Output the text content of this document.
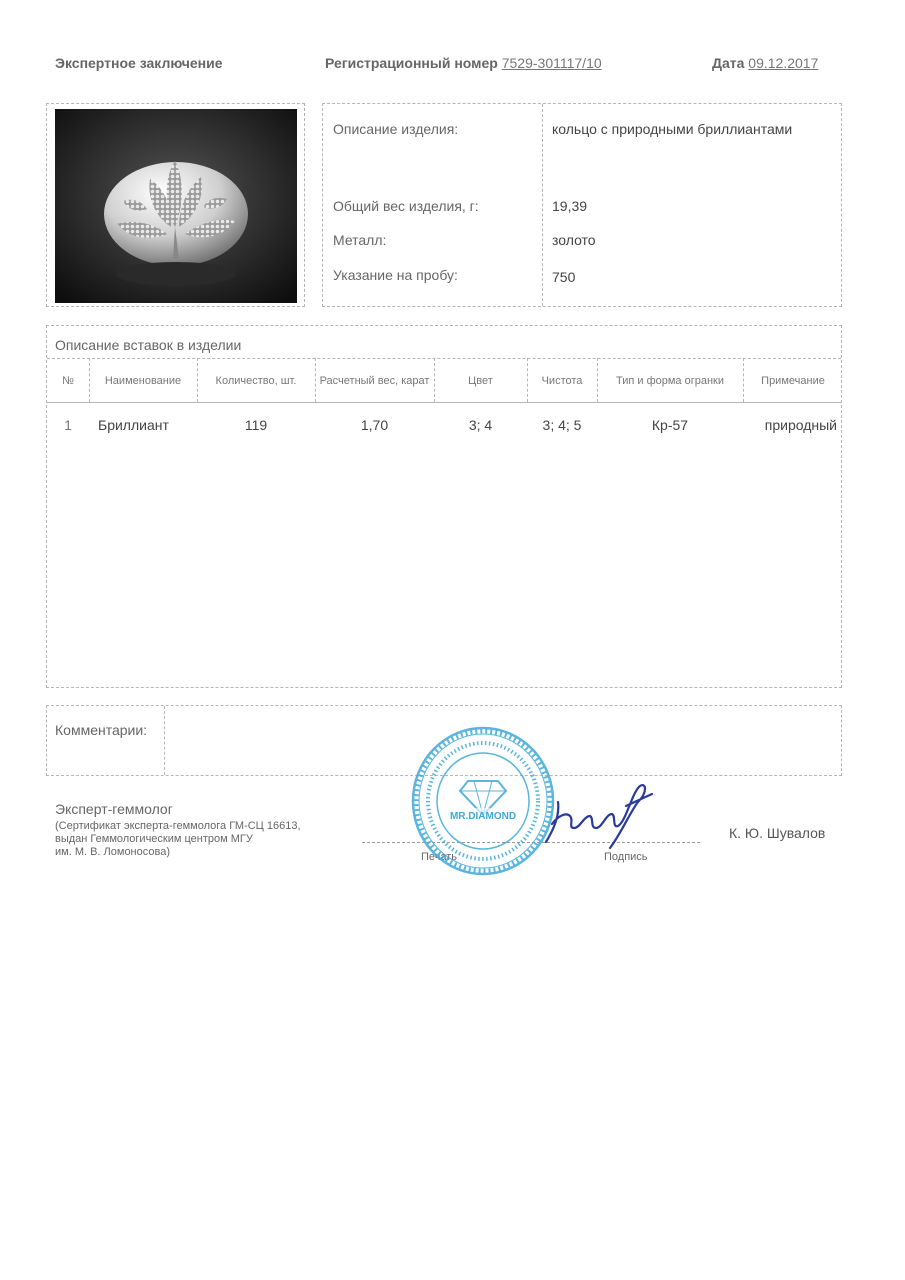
Экспертное заключение	Регистрационный номер 7529-301117/10	Дата 09.12.2017
Описание изделия:	кольцо с природными бриллиантами
Общий вес изделия, г:	19,39
Металл:	золото
Указание на пробу:	750
Описание вставок в изделии
№	Наименование	Количество, шт.	Расчетный вес, карат	Цвет	Чистота	Тип и форма огранки	Примечание
1	Бриллиант	119	1,70	3; 4	3; 4; 5	Кр-57	природный
Комментарии:
Эксперт-геммолог
(Сертификат эксперта-геммолога ГМ-СЦ 16613,
выдан Геммологическим центром МГУ
им. М. В. Ломоносова)	Печать	Подпись
К. Ю. Шувалов
MR.DIAMOND
